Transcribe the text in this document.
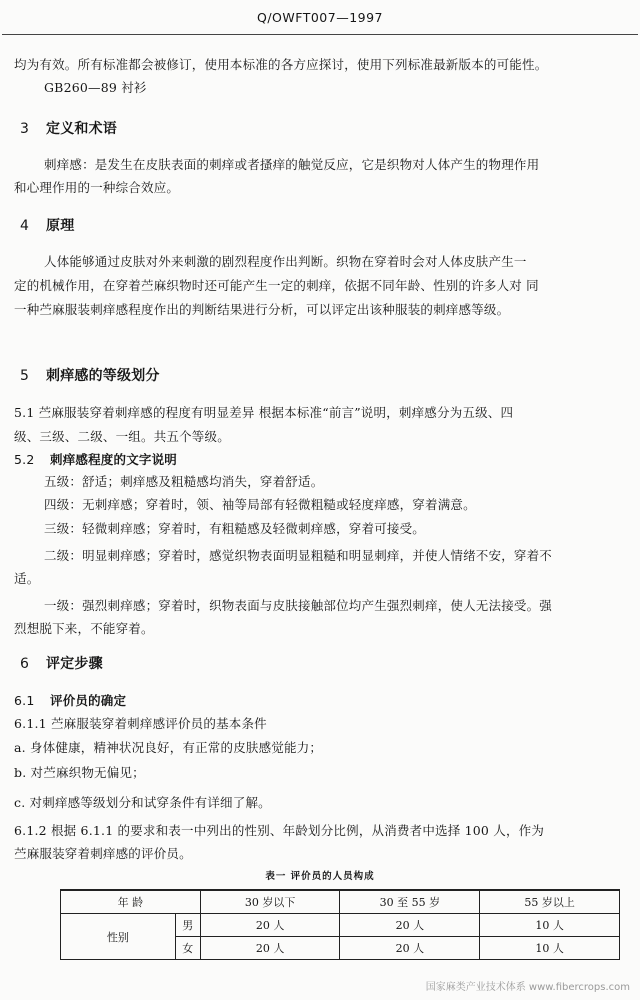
Q/OWFT007—1997
均为有效。所有标准都会被修订，使用本标准的各方应探讨，使用下列标准最新版本的可能性。
GB260—89 衬衫
3 定义和术语
刺痒感：是发生在皮肤表面的刺痒或者搔痒的触觉反应，它是织物对人体产生的物理作用
和心理作用的一种综合效应。
4 原理
人体能够通过皮肤对外来刺激的剧烈程度作出判断。织物在穿着时会对人体皮肤产生一
定的机械作用，在穿着苎麻织物时还可能产生一定的刺痒，依据不同年龄、性别的许多人对 同
一种苎麻服装刺痒感程度作出的判断结果进行分析，可以评定出该种服装的刺痒感等级。
5 刺痒感的等级划分
5.1 苎麻服装穿着刺痒感的程度有明显差异 根据本标准“前言”说明，刺痒感分为五级、四
级、三级、二级、一组。共五个等级。
5.2 刺痒感程度的文字说明
五级：舒适；刺痒感及粗糙感均消失，穿着舒适。
四级：无刺痒感；穿着时，领、袖等局部有轻微粗糙或轻度痒感，穿着满意。
三级：轻微刺痒感；穿着时，有粗糙感及轻微刺痒感，穿着可接受。
二级：明显刺痒感；穿着时，感觉织物表面明显粗糙和明显刺痒，并使人情绪不安，穿着不
适。
一级：强烈刺痒感；穿着时，织物表面与皮肤接触部位均产生强烈刺痒，使人无法接受。强
烈想脱下来，不能穿着。
6 评定步骤
6.1 评价员的确定
6.1.1 苎麻服装穿着刺痒感评价员的基本条件
a. 身体健康，精神状况良好，有正常的皮肤感觉能力；
b. 对苎麻织物无偏见；
c. 对刺痒感等级划分和试穿条件有详细了解。
6.1.2 根据 6.1.1 的要求和表一中列出的性别、年龄划分比例，从消费者中选择 100 人，作为
苎麻服装穿着刺痒感的评价员。
表一 评价员的人员构成
年 龄		30 岁以下	30 至 55 岁	55 岁以上
性别	男	20 人	20 人	10 人
	女	20 人	20 人	10 人
国家麻类产业技术体系 www.fibercrops.com
